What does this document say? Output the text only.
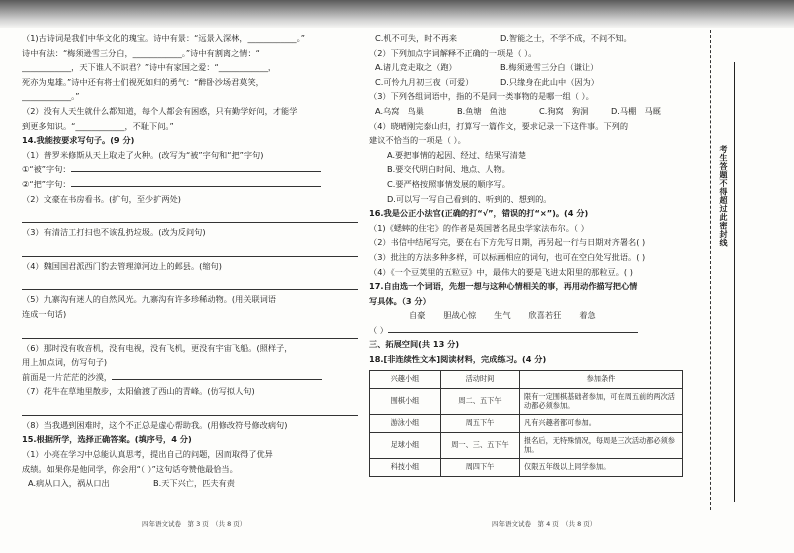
（1)古诗词是我们中华文化的瑰宝。诗中有景：“远景入深林，____________。”
诗中有法：“梅须逊雪三分白，____________。”诗中有割离之情：“
____________，天下谁人不识君？”诗中有家国之爱：“____________，
死亦为鬼雄。”诗中还有将士们视死如归的勇气：“醉卧沙场君莫笑，
____________。”
（2）没有人天生就什么都知道，每个人都会有困惑，只有勤学好问，才能学
到更多知识。“____________，不耻下问。”
14.我能按要求写句子。(9 分)
（1）普罗米修斯从天上取走了火种。(改写为“被”字句和“把”字句)
①“被”字句：
②“把”字句：
（2）文豪在书房看书。(扩句，至少扩两处)
（3）有清洁工打扫也不该乱扔垃圾。(改为反问句)
（4）魏国国君派西门豹去管理漳河边上的邺县。(缩句)
（5）九寨沟有迷人的自然风光。九寨沟有许多珍稀动物。(用关联词语
连成一句话)
（6）那时没有收音机，没有电视，没有飞机，更没有宇宙飞船。(照样子，
用上加点词，仿写句子)
前面是一片茫茫的沙漠，
（7）花牛在草地里散步，太阳偷渡了西山的青峰。(仿写拟人句)
（8）当我遇到困难时，这个不正总是虚心帮助我。(用修改符号修改病句)
15.根据所学，选择正确答案。(填序号，4 分)
（1）小亮在学习中总能认真思考，提出自己的问题，因而取得了优异
成绩。如果你是他同学，你会用“（ ）”这句话夸赞他最恰当。
A.病从口入，祸从口出	B.天下兴亡，匹夫有责
C.机不可失，时不再来	D.智能之士，不学不成，不问不知。
（2）下列加点字词解释不正确的一项是（ ）。
A.诸儿竞走取之（跑）	B.梅须逊雪三分白（谦让）
C.可怜九月初三夜（可爱）	D.只缘身在此山中（因为）
（3）下列各组词语中，指的不是同一类事物的是哪一组（ ）。
A.乌窝　鸟巢	B.鱼塘　鱼池	C.狗窝　狗洞	D.马棚　马厩
（4）晓晴刚完泰山归，打算写一篇作文，要求记录一下这件事。下列的
建议不恰当的一项是（ ）。
A.要把事情的起因、经过、结果写清楚
B.要交代明白时间、地点、人物。
C.要严格按照事情发展的顺序写。
D.可以写一写自己看到的、听到的、想到的。
16.我是公正小法官(正确的打“√”，错误的打“×”)。(4 分)
（1)《蟋蟀的住宅》的作者是英国著名昆虫学家法布尔。（ ）
（2）书信中结尾写完，要在右下方先写日期，再另起一行与日期对齐署名( )
（3）批注的方法多种多样，可以标画相应的词句，也可在空白处写批语。( )
（4）《一个豆荚里的五粒豆》中，最伟大的要是飞进太阳里的那粒豆。( )
17.自由选一个词语，先想一想与这种心情相关的事，再用动作描写把心情
写具体。（3 分）
自豪 胆战心惊 生气 欣喜若狂 着急
（ ）
三、拓展空间(共 13 分)
18.[非连续性文本]阅读材料，完成练习。(4 分)
兴趣小组	活动时间	参加条件
围棋小组	周二、五下午	限有一定围棋基础者参加，可在周五前的两次活动都必须参加。
游泳小组	周五下午	凡有兴趣者都可参加。
足球小组	周一、三、五下午	报名后，无特殊情况，每周是三次活动都必须参加。
科技小组	周四下午	仅限五年级以上同学参加。
四年语文试卷　第 3 页　（共 8 页）	四年语文试卷　第 4 页　（共 8 页）
考生答题不得超过此密封线
